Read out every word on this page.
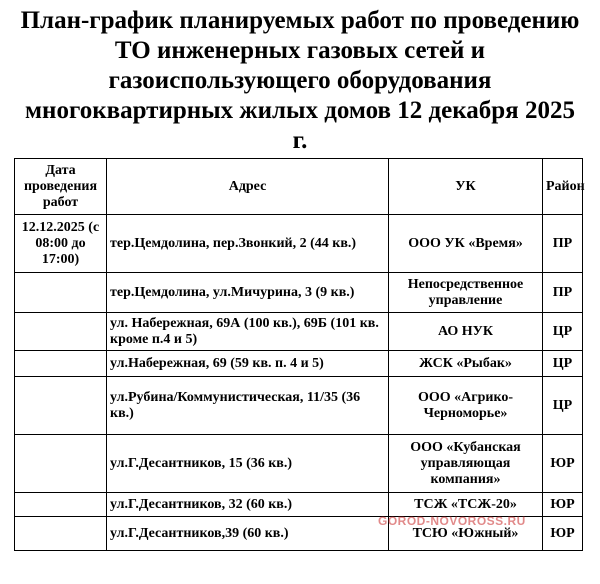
План-график планируемых работ по проведению
ТО инженерных газовых сетей и
газоиспользующего оборудования
многоквартирных жилых домов 12 декабря 2025
г.
Дата проведения работ	Адрес	УК	Район
12.12.2025 (с 08:00 до 17:00)	тер.Цемдолина, пер.Звонкий, 2 (44 кв.)	ООО УК «Время»	ПР
	тер.Цемдолина, ул.Мичурина, 3 (9 кв.)	Непосредственное управление	ПР
	ул. Набережная, 69А (100 кв.), 69Б (101 кв. кроме п.4 и 5)	АО НУК	ЦР
	ул.Набережная, 69 (59 кв. п. 4 и 5)	ЖСК «Рыбак»	ЦР
	ул.Рубина/Коммунистическая, 11/35 (36 кв.)	ООО «Агрико-Черноморье»	ЦР
	ул.Г.Десантников, 15 (36 кв.)	ООО «Кубанская управляющая компания»	ЮР
	ул.Г.Десантников, 32 (60 кв.)	ТСЖ «ТСЖ-20»	ЮР
	ул.Г.Десантников,39 (60 кв.)	ТСЮ «Южный»	ЮР
GOROD-NOVOROSS.RU
